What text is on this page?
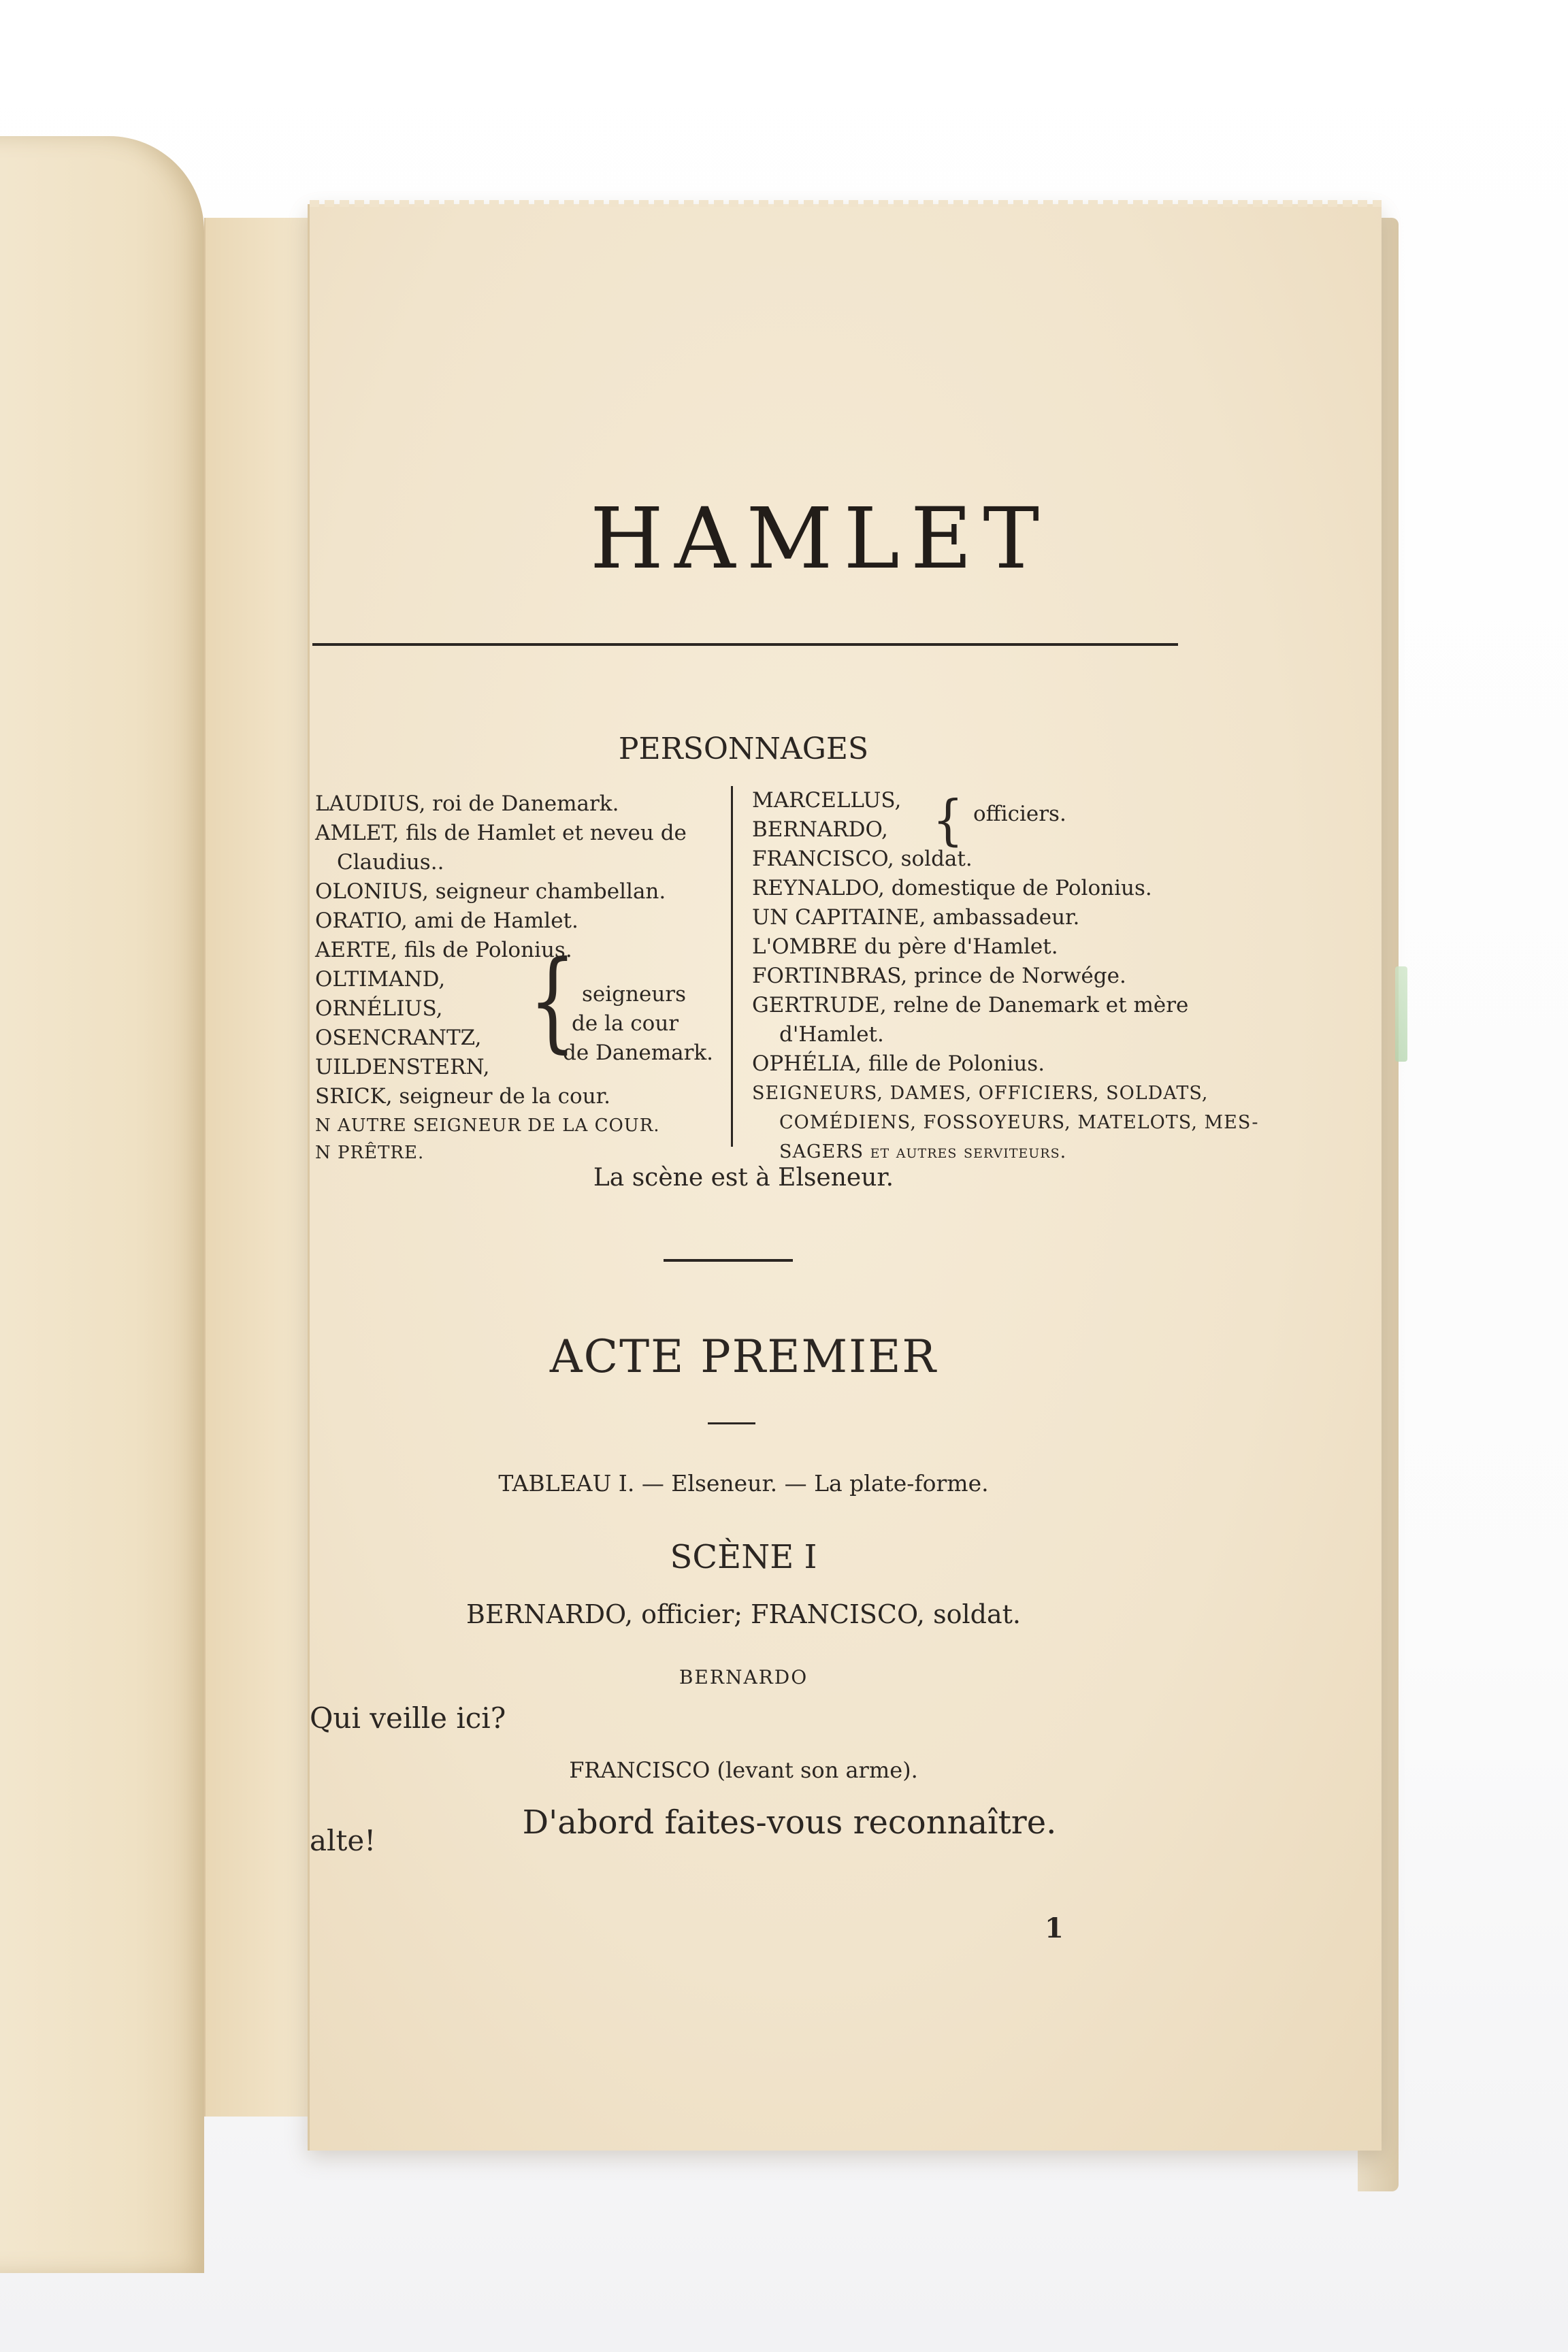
HAMLET
PERSONNAGES
LAUDIUS, roi de Danemark.
AMLET, fils de Hamlet et neveu de
Claudius..
OLONIUS, seigneur chambellan.
ORATIO, ami de Hamlet.
AERTE, fils de Polonius.
OLTIMAND,
ORNÉLIUS,
OSENCRANTZ,
UILDENSTERN,
SRICK, seigneur de la cour.
N AUTRE SEIGNEUR DE LA COUR.
N PRÊTRE.
{ seigneurs
de la cour
de Danemark.
MARCELLUS,
BERNARDO,
FRANCISCO, soldat.
REYNALDO, domestique de Polonius.
UN CAPITAINE, ambassadeur.
L'OMBRE du père d'Hamlet.
FORTINBRAS, prince de Norwége.
GERTRUDE, relne de Danemark et mère
d'Hamlet.
OPHÉLIA, fille de Polonius.
SEIGNEURS, DAMES, OFFICIERS, SOLDATS,
COMÉDIENS, FOSSOYEURS, MATELOTS, MES-
SAGERS et autres serviteurs.
{ officiers.
La scène est à Elseneur.
ACTE PREMIER
TABLEAU I. — Elseneur. — La plate-forme.
SCÈNE I
BERNARDO, officier; FRANCISCO, soldat.
BERNARDO
Qui veille ici?
FRANCISCO (levant son arme).
D'abord faites-vous reconnaître.
alte!
1
